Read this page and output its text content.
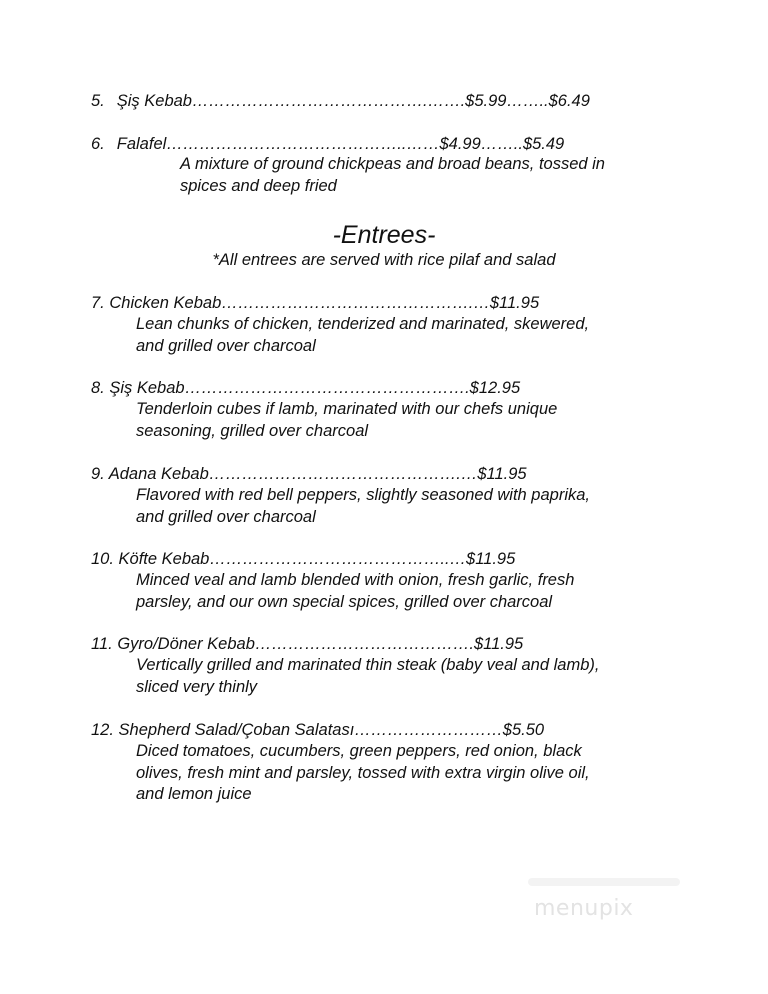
5. Şiş Kebab…………………………………….…….$5.99……..$6.49
6. Falafel……………………………………..……$4.99……..$5.49
A mixture of ground chickpeas and broad beans, tossed in
spices and deep fried
-Entrees-
*All entrees are served with rice pilaf and salad
7. Chicken Kebab……………………………………….…$11.95
Lean chunks of chicken, tenderized and marinated, skewered,
and grilled over charcoal
8. Şiş Kebab…………………………………………….$12.95
Tenderloin cubes if lamb, marinated with our chefs unique
seasoning, grilled over charcoal
9. Adana Kebab……………………………………….…$11.95
Flavored with red bell peppers, slightly seasoned with paprika,
and grilled over charcoal
10. Köfte Kebab……………………………………..…$11.95
Minced veal and lamb blended with onion, fresh garlic, fresh
parsley, and our own special spices, grilled over charcoal
11. Gyro/Döner Kebab………………………………….$11.95
Vertically grilled and marinated thin steak (baby veal and lamb),
sliced very thinly
12. Shepherd Salad/Çoban Salatası………………………$5.50
Diced tomatoes, cucumbers, green peppers, red onion, black
olives, fresh mint and parsley, tossed with extra virgin olive oil,
and lemon juice
menupix
